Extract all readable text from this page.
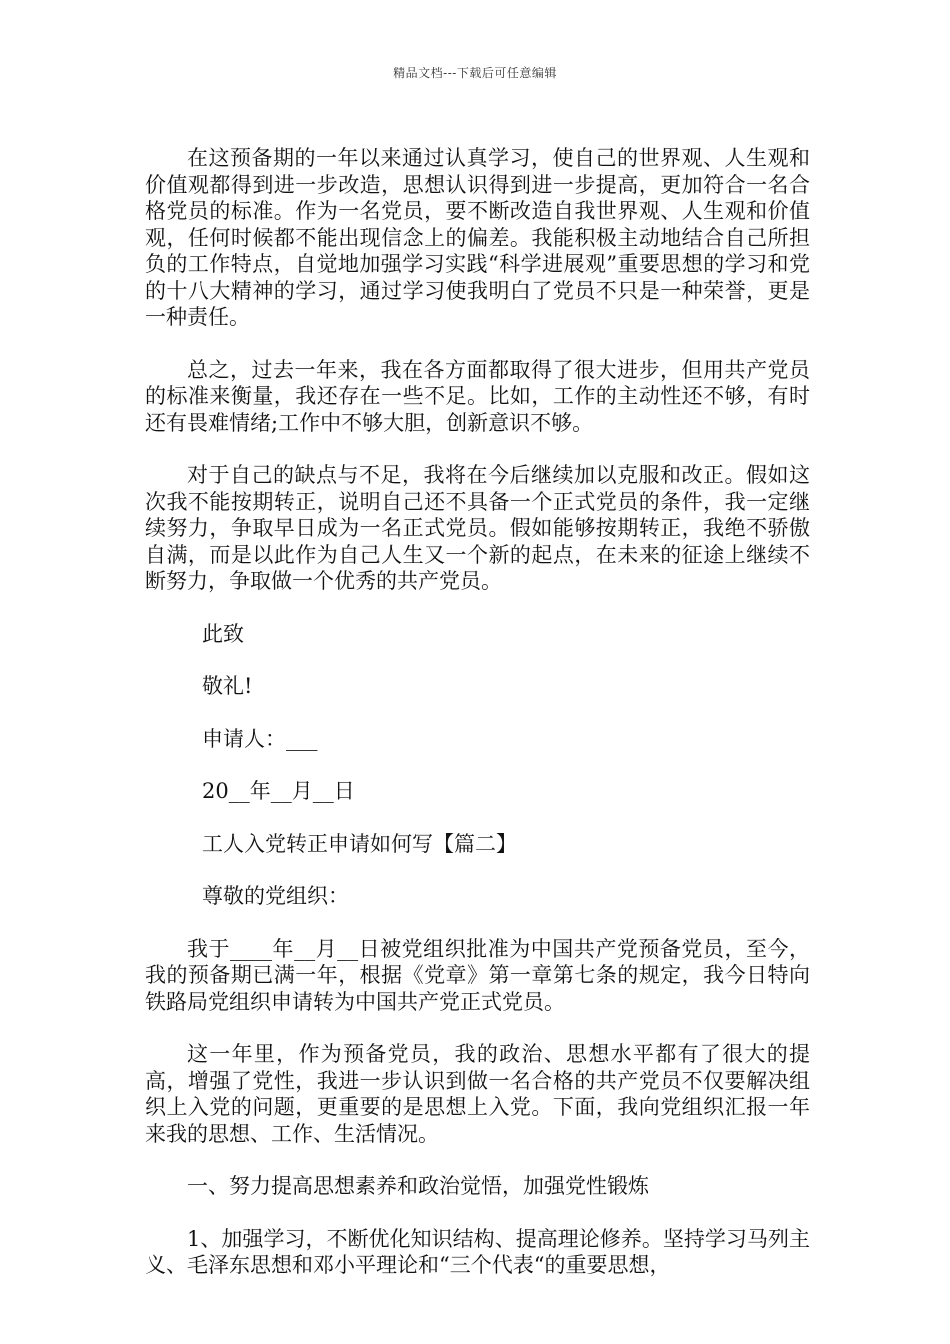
精品文档---下载后可任意编辑

在这预备期的一年以来通过认真学习，使自己的世界观、人生观和价值观都得到进一步改造，思想认识得到进一步提高，更加符合一名合格党员的标准。作为一名党员，要不断改造自我世界观、人生观和价值观，任何时候都不能出现信念上的偏差。我能积极主动地结合自己所担负的工作特点，自觉地加强学习实践“科学进展观”重要思想的学习和党的十八大精神的学习，通过学习使我明白了党员不只是一种荣誉，更是一种责任。

总之，过去一年来，我在各方面都取得了很大进步，但用共产党员的标准来衡量，我还存在一些不足。比如，工作的主动性还不够，有时还有畏难情绪;工作中不够大胆，创新意识不够。

对于自己的缺点与不足，我将在今后继续加以克服和改正。假如这次我不能按期转正，说明自己还不具备一个正式党员的条件，我一定继续努力，争取早日成为一名正式党员。假如能够按期转正，我绝不骄傲自满，而是以此作为自己人生又一个新的起点，在未来的征途上继续不断努力，争取做一个优秀的共产党员。

此致

敬礼!

申请人：___

20__年__月__日

工人入党转正申请如何写【篇二】

尊敬的党组织：

我于____年__月__日被党组织批准为中国共产党预备党员，至今，我的预备期已满一年，根据《党章》第一章第七条的规定，我今日特向铁路局党组织申请转为中国共产党正式党员。

这一年里，作为预备党员，我的政治、思想水平都有了很大的提高，增强了党性，我进一步认识到做一名合格的共产党员不仅要解决组织上入党的问题，更重要的是思想上入党。下面，我向党组织汇报一年来我的思想、工作、生活情况。

一、努力提高思想素养和政治觉悟，加强党性锻炼

1、加强学习，不断优化知识结构、提高理论修养。坚持学习马列主义、毛泽东思想和邓小平理论和“三个代表“的重要思想，
